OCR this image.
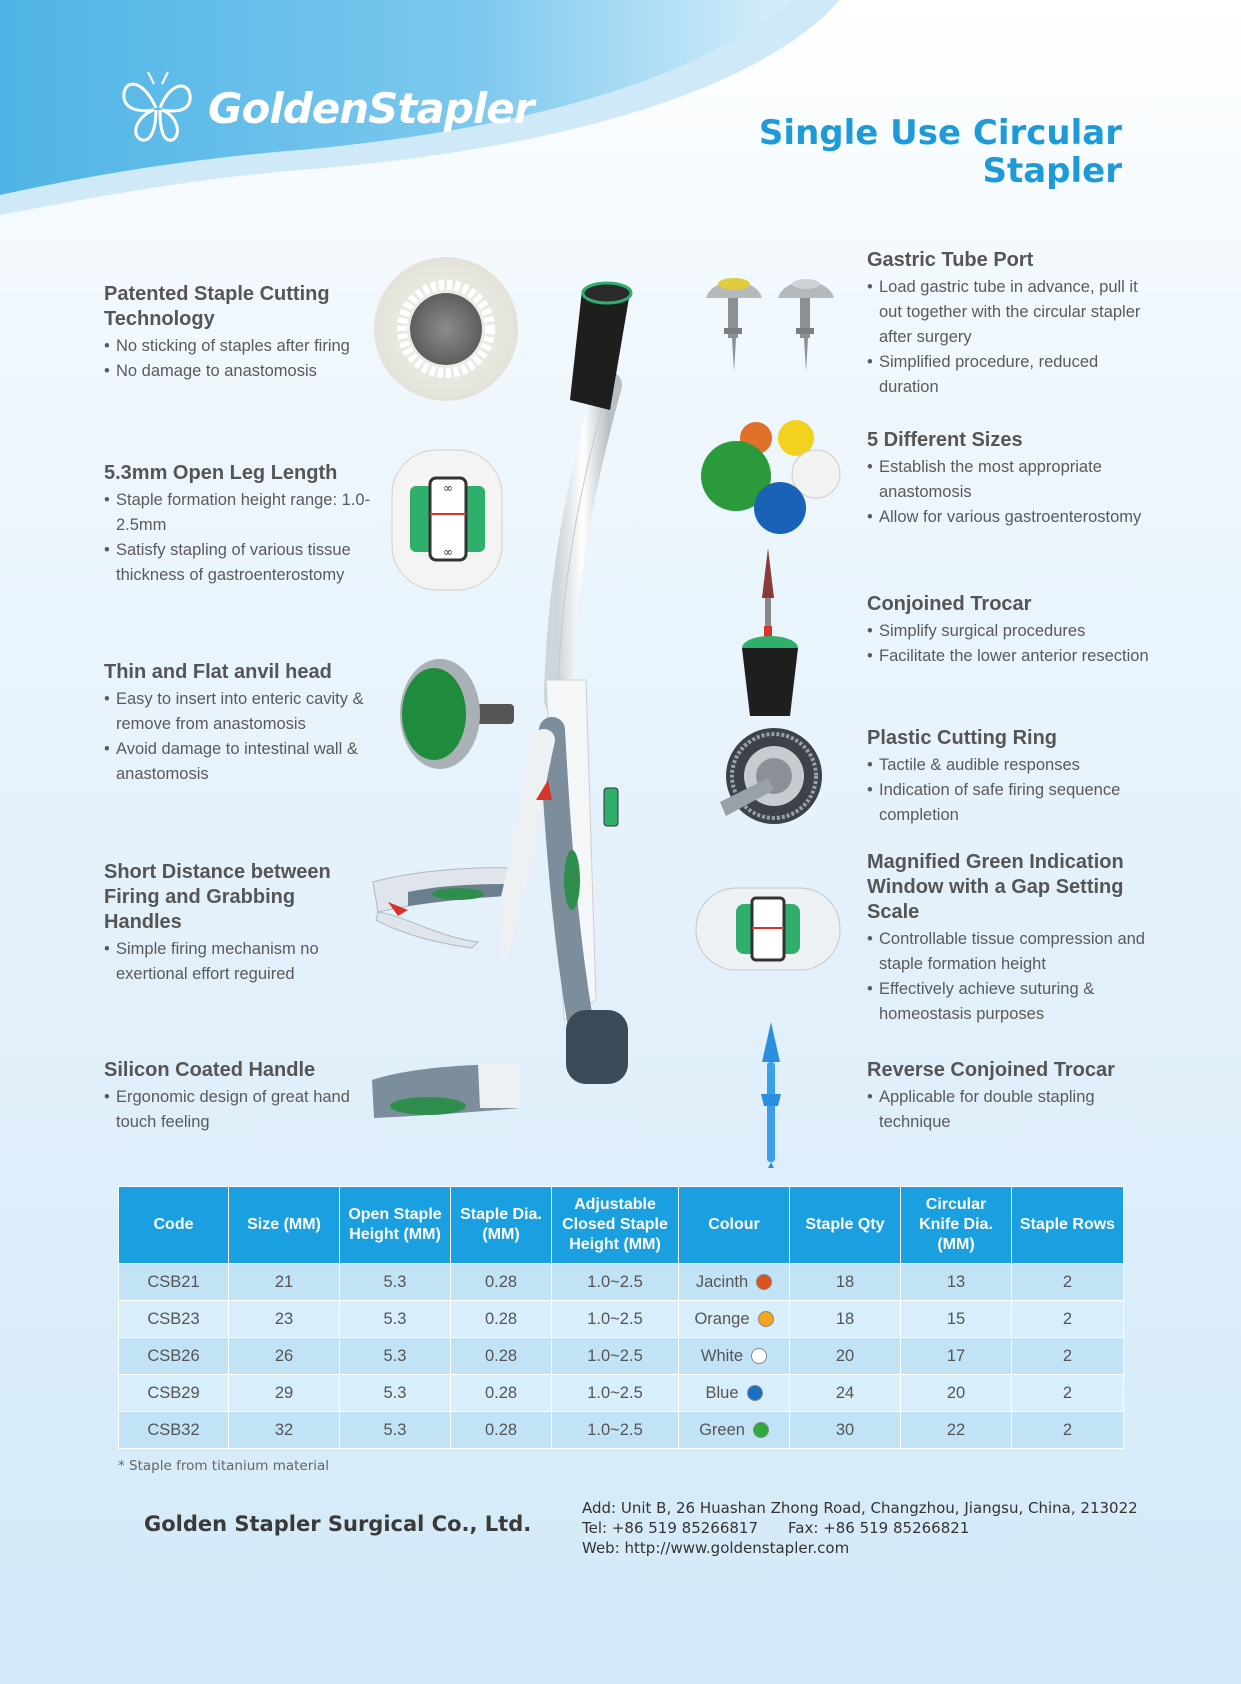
GoldenStapler
Single Use Circular
Stapler
Patented Staple Cutting Technology
• No sticking of staples after firing
• No damage to anastomosis
5.3mm Open Leg Length
• Staple formation height range: 1.0-2.5mm
• Satisfy stapling of various tissue thickness of gastroenterostomy
Thin and Flat anvil head
• Easy to insert into enteric cavity & remove from anastomosis
• Avoid damage to intestinal wall & anastomosis
Short Distance between Firing and Grabbing Handles
• Simple firing mechanism no exertional effort reguired
Silicon Coated Handle
• Ergonomic design of great hand touch feeling
Gastric Tube Port
• Load gastric tube in advance, pull it out together with the circular stapler after surgery
• Simplified procedure, reduced duration
5 Different Sizes
• Establish the most appropriate anastomosis
• Allow for various gastroenterostomy
Conjoined Trocar
• Simplify surgical procedures
• Facilitate the lower anterior resection
Plastic Cutting Ring
• Tactile & audible responses
• Indication of safe firing sequence completion
Magnified Green Indication Window with a Gap Setting Scale
• Controllable tissue compression and staple formation height
• Effectively achieve suturing & homeostasis purposes
Reverse Conjoined Trocar
• Applicable for double stapling technique
∞
∞
Code	Size (MM)	Open Staple Height (MM)	Staple Dia. (MM)	Adjustable Closed Staple Height (MM)	Colour	Staple Qty	Circular Knife Dia. (MM)	Staple Rows
CSB21	21	5.3	0.28	1.0~2.5	Jacinth	18	13	2
CSB23	23	5.3	0.28	1.0~2.5	Orange	18	15	2
CSB26	26	5.3	0.28	1.0~2.5	White	20	17	2
CSB29	29	5.3	0.28	1.0~2.5	Blue	24	20	2
CSB32	32	5.3	0.28	1.0~2.5	Green	30	22	2
* Staple from titanium material
Golden Stapler Surgical Co., Ltd.
Add: Unit B, 26 Huashan Zhong Road, Changzhou, Jiangsu, China, 213022
Tel: +86 519 85266817 Fax: +86 519 85266821
Web: http://www.goldenstapler.com
